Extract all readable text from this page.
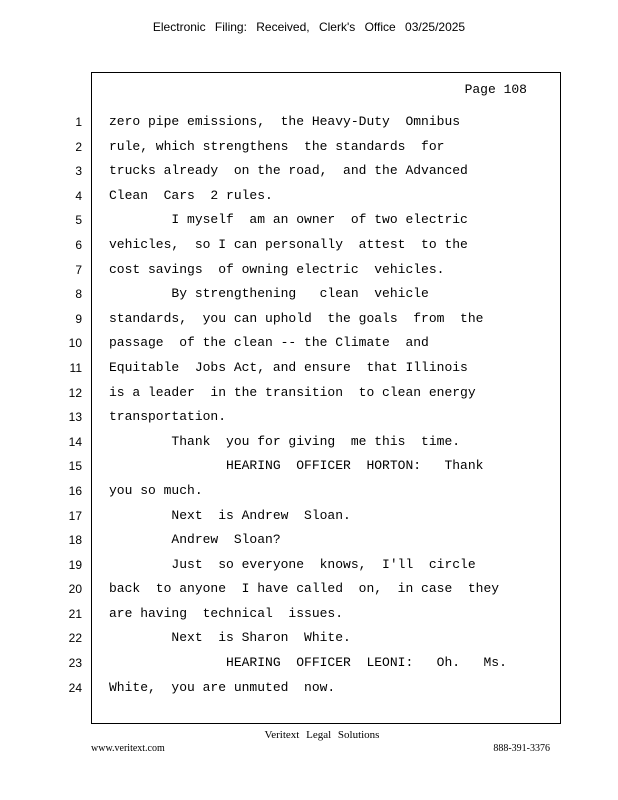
Electronic Filing: Received, Clerk's Office 03/25/2025
Page 108
1 zero pipe emissions,  the Heavy-Duty  Omnibus
2 rule, which strengthens  the standards  for
3 trucks already  on the road,  and the Advanced
4 Clean  Cars  2 rules.
5 I myself  am an owner  of two electric
6 vehicles,  so I can personally  attest  to the
7 cost savings  of owning electric  vehicles.
8 By strengthening   clean  vehicle
9 standards,  you can uphold  the goals  from  the
10 passage  of the clean -- the Climate  and
11 Equitable  Jobs Act, and ensure  that Illinois
12 is a leader  in the transition  to clean energy
13 transportation.
14 Thank  you for giving  me this  time.
15 HEARING  OFFICER  HORTON:   Thank
16 you so much.
17 Next  is Andrew  Sloan.
18 Andrew  Sloan?
19 Just  so everyone  knows,  I'll  circle
20 back  to anyone  I have called  on,  in case  they
21 are having  technical  issues.
22 Next  is Sharon  White.
23 HEARING  OFFICER  LEONI:   Oh.   Ms.
24 White,  you are unmuted  now.
Veritext Legal Solutions
www.veritext.com	888-391-3376
